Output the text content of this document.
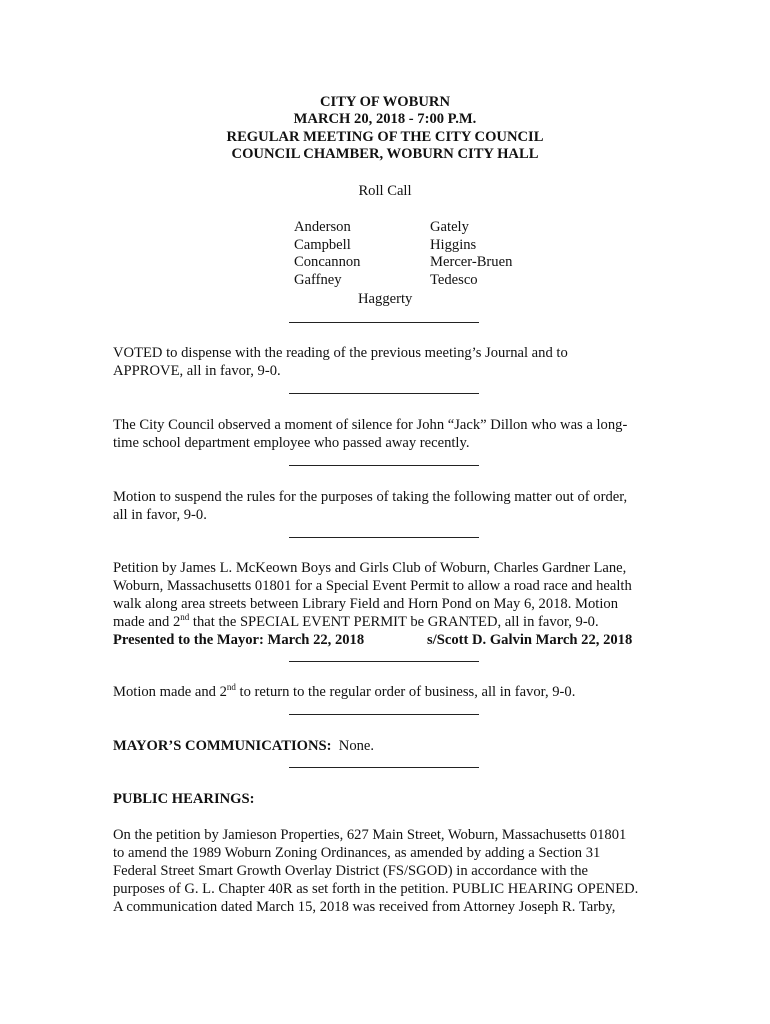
CITY OF WOBURN
MARCH 20, 2018 - 7:00 P.M.
REGULAR MEETING OF THE CITY COUNCIL
COUNCIL CHAMBER, WOBURN CITY HALL
Roll Call
Anderson
Campbell
Concannon
Gaffney
Gately
Higgins
Mercer-Bruen
Tedesco
Haggerty
VOTED to dispense with the reading of the previous meeting’s Journal and to
APPROVE, all in favor, 9-0.
The City Council observed a moment of silence for John “Jack” Dillon who was a long-
time school department employee who passed away recently.
Motion to suspend the rules for the purposes of taking the following matter out of order,
all in favor, 9-0.
Petition by James L. McKeown Boys and Girls Club of Woburn, Charles Gardner Lane,
Woburn, Massachusetts 01801 for a Special Event Permit to allow a road race and health
walk along area streets between Library Field and Horn Pond on May 6, 2018. Motion
made and 2nd that the SPECIAL EVENT PERMIT be GRANTED, all in favor, 9-0.
Presented to the Mayor: March 22, 2018	s/Scott D. Galvin March 22, 2018
Motion made and 2nd to return to the regular order of business, all in favor, 9-0.
MAYOR’S COMMUNICATIONS:  None.
PUBLIC HEARINGS:
On the petition by Jamieson Properties, 627 Main Street, Woburn, Massachusetts 01801
to amend the 1989 Woburn Zoning Ordinances, as amended by adding a Section 31
Federal Street Smart Growth Overlay District (FS/SGOD) in accordance with the
purposes of G. L. Chapter 40R as set forth in the petition. PUBLIC HEARING OPENED.
A communication dated March 15, 2018 was received from Attorney Joseph R. Tarby,
